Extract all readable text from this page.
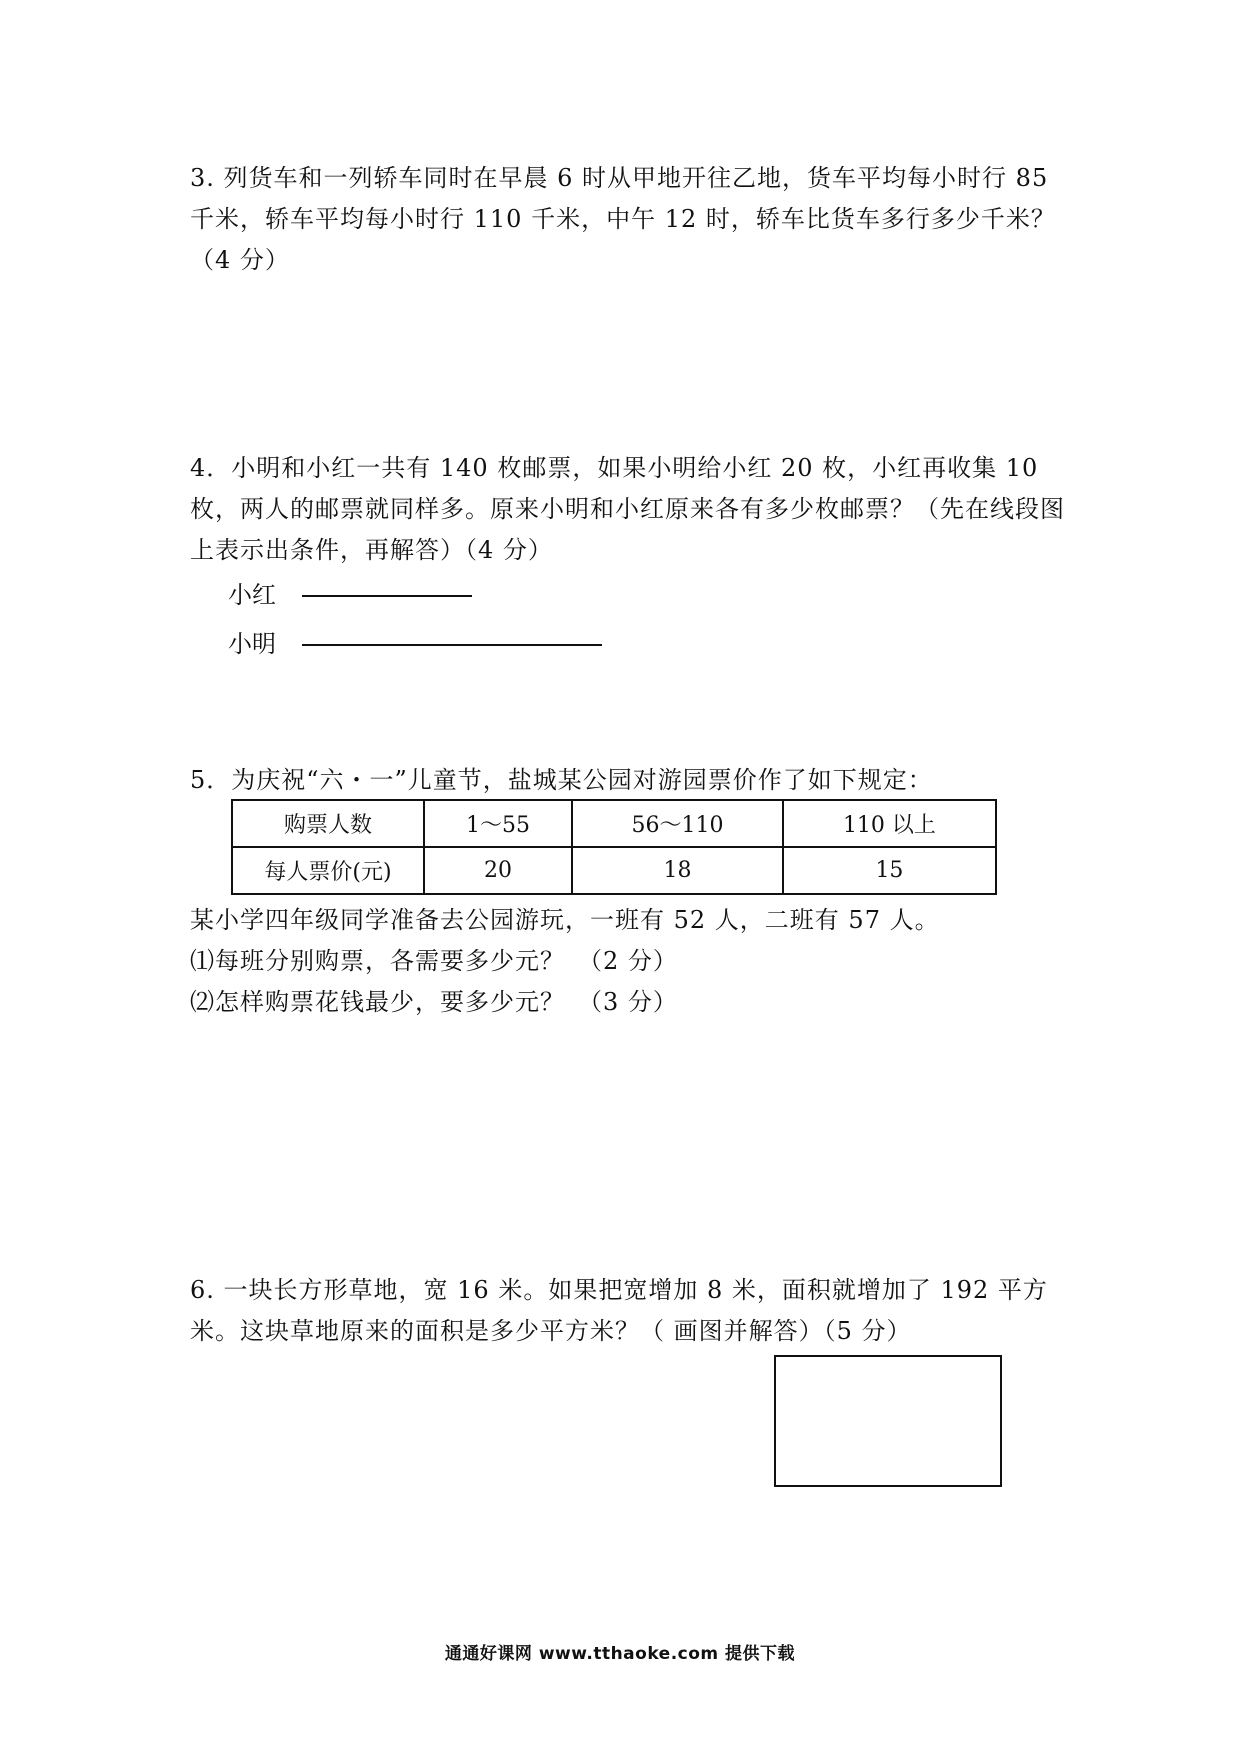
3. 列货车和一列轿车同时在早晨 6 时从甲地开往乙地，货车平均每小时行 85 千米，轿车平均每小时行 110 千米，中午 12 时，轿车比货车多行多少千米？（4 分）
4．小明和小红一共有 140 枚邮票，如果小明给小红 20 枚，小红再收集 10 枚，两人的邮票就同样多。原来小明和小红原来各有多少枚邮票？（先在线段图上表示出条件，再解答）（4 分）
小红
小明
5．为庆祝“六・一”儿童节，盐城某公园对游园票价作了如下规定：
购票人数	1～55	56～110	110 以上
每人票价(元)	20	18	15
某小学四年级同学准备去公园游玩，一班有 52 人，二班有 57 人。
⑴每班分别购票，各需要多少元？　（2 分）
⑵怎样购票花钱最少，要多少元？　（3 分）
6. 一块长方形草地，宽 16 米。如果把宽增加 8 米，面积就增加了 192 平方米。这块草地原来的面积是多少平方米？（ 画图并解答）（5 分）
通通好课网 www.tthaoke.com 提供下载
